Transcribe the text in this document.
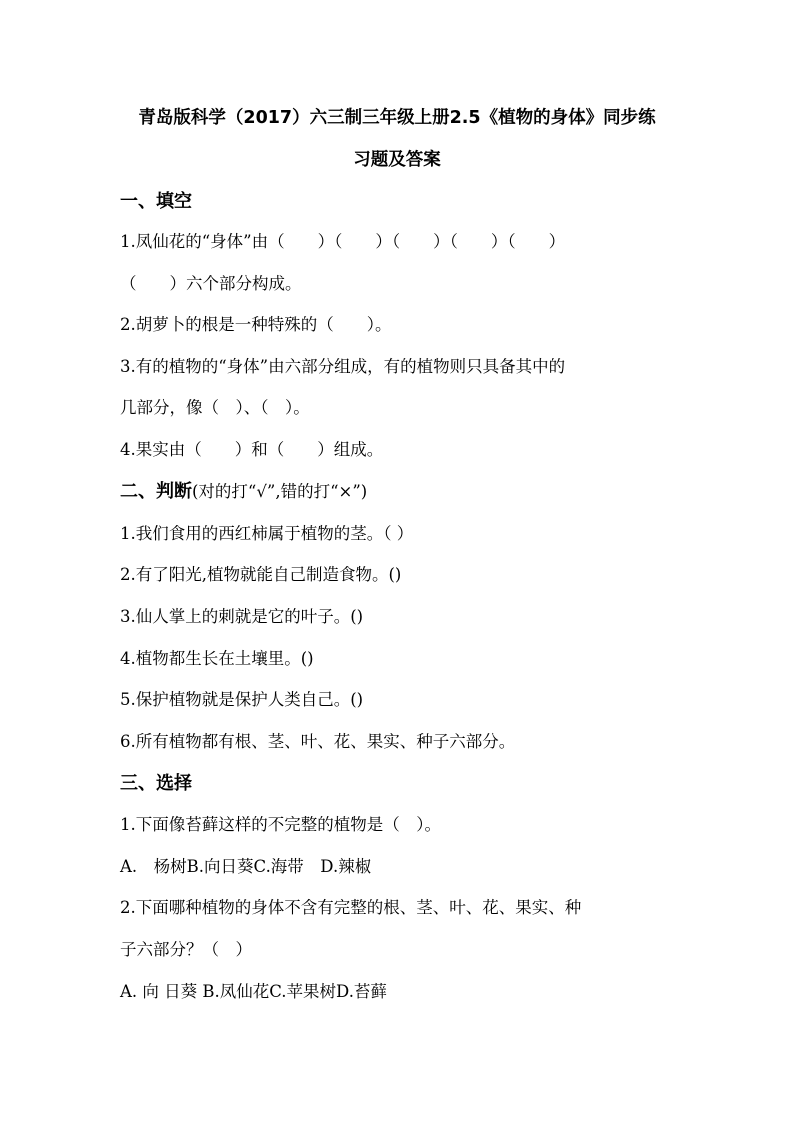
青岛版科学（2017）六三制三年级上册2.5《植物的身体》同步练
习题及答案
一、填空
1.凤仙花的“身体”由（　　）（　　）（　　）（　　）（　　）
（　　）六个部分构成。
2.胡萝卜的根是一种特殊的（　　）。
3.有的植物的“身体”由六部分组成，有的植物则只具备其中的
几部分，像（　）、（　）。
4.果实由（　　）和（　　）组成。
二、判断(对的打“√”,错的打“×”)
1.我们食用的西红柿属于植物的茎。（ ）
2.有了阳光,植物就能自己制造食物。()
3.仙人掌上的刺就是它的叶子。()
4.植物都生长在土壤里。()
5.保护植物就是保护人类自己。()
6.所有植物都有根、茎、叶、花、果实、种子六部分。
三、选择
1.下面像苔藓这样的不完整的植物是（　）。
A.　杨树B.向日葵C.海带　D.辣椒
2.下面哪种植物的身体不含有完整的根、茎、叶、花、果实、种
子六部分？（　）
A. 向 日葵 B.凤仙花C.苹果树D.苔藓
